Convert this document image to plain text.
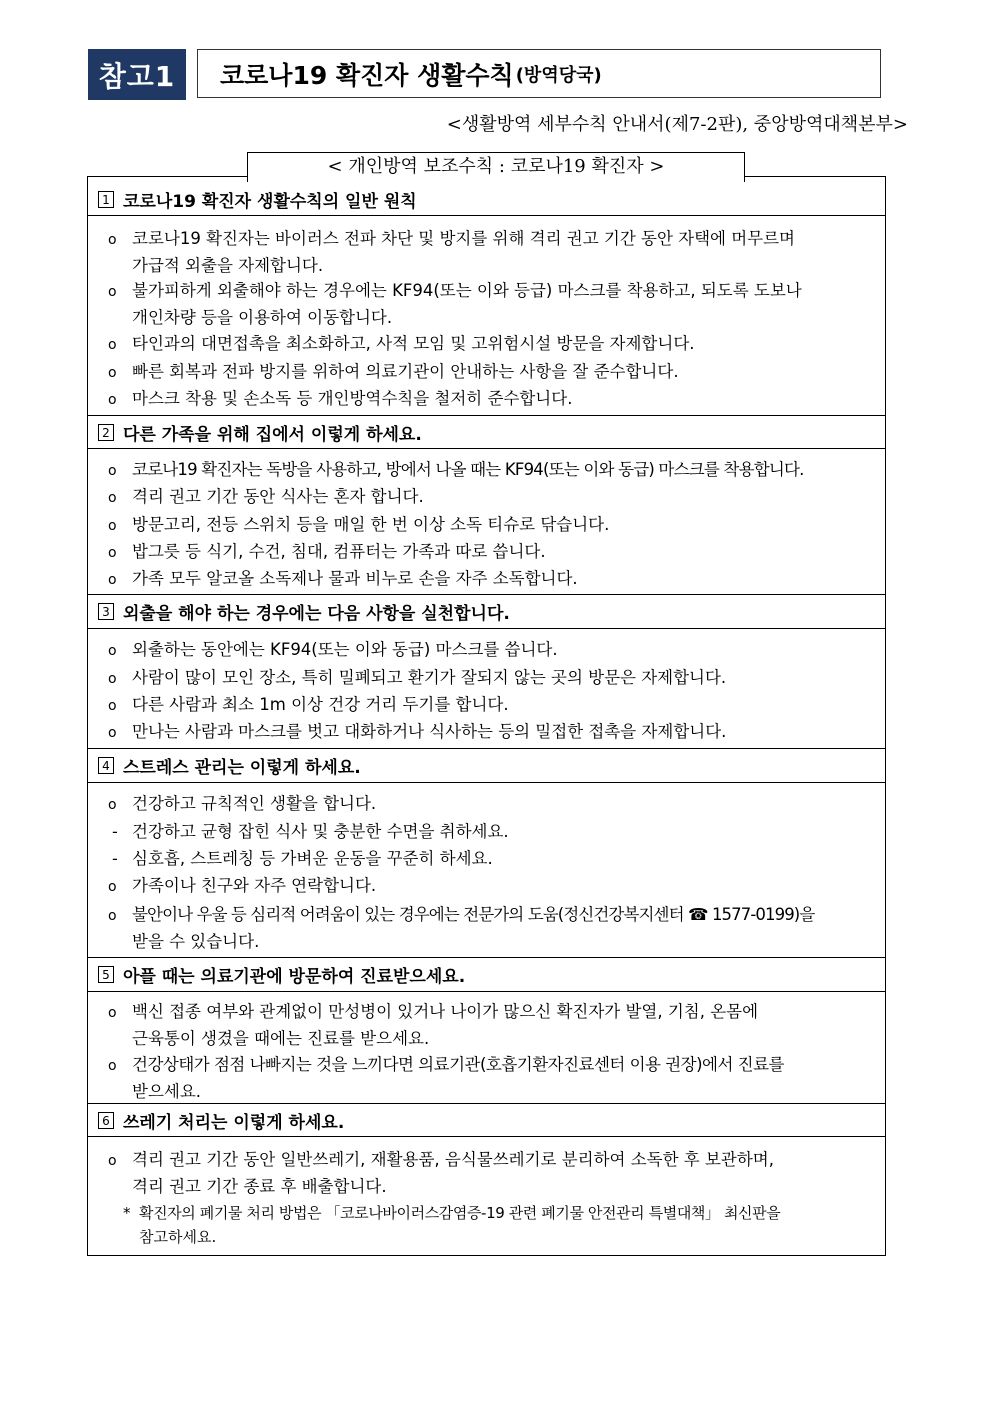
참고1	코로나19 확진자 생활수칙 (방역당국)
<생활방역 세부수칙 안내서(제7-2판), 중앙방역대책본부>
< 개인방역 보조수칙 : 코로나19 확진자 >
1 코로나19 확진자 생활수칙의 일반 원칙
o 코로나19 확진자는 바이러스 전파 차단 및 방지를 위해 격리 권고 기간 동안 자택에 머무르며
가급적 외출을 자제합니다.
o 불가피하게 외출해야 하는 경우에는 KF94(또는 이와 등급) 마스크를 착용하고, 되도록 도보나
개인차량 등을 이용하여 이동합니다.
o 타인과의 대면접촉을 최소화하고, 사적 모임 및 고위험시설 방문을 자제합니다.
o 빠른 회복과 전파 방지를 위하여 의료기관이 안내하는 사항을 잘 준수합니다.
o 마스크 착용 및 손소독 등 개인방역수칙을 철저히 준수합니다.
2 다른 가족을 위해 집에서 이렇게 하세요.
o 코로나19 확진자는 독방을 사용하고, 방에서 나올 때는 KF94(또는 이와 동급) 마스크를 착용합니다.
o 격리 권고 기간 동안 식사는 혼자 합니다.
o 방문고리, 전등 스위치 등을 매일 한 번 이상 소독 티슈로 닦습니다.
o 밥그릇 등 식기, 수건, 침대, 컴퓨터는 가족과 따로 씁니다.
o 가족 모두 알코올 소독제나 물과 비누로 손을 자주 소독합니다.
3 외출을 해야 하는 경우에는 다음 사항을 실천합니다.
o 외출하는 동안에는 KF94(또는 이와 동급) 마스크를 씁니다.
o 사람이 많이 모인 장소, 특히 밀폐되고 환기가 잘되지 않는 곳의 방문은 자제합니다.
o 다른 사람과 최소 1m 이상 건강 거리 두기를 합니다.
o 만나는 사람과 마스크를 벗고 대화하거나 식사하는 등의 밀접한 접촉을 자제합니다.
4 스트레스 관리는 이렇게 하세요.
o 건강하고 규칙적인 생활을 합니다.
- 건강하고 균형 잡힌 식사 및 충분한 수면을 취하세요.
- 심호흡, 스트레칭 등 가벼운 운동을 꾸준히 하세요.
o 가족이나 친구와 자주 연락합니다.
o 불안이나 우울 등 심리적 어려움이 있는 경우에는 전문가의 도움(정신건강복지센터 ☎ 1577-0199)을
받을 수 있습니다.
5 아플 때는 의료기관에 방문하여 진료받으세요.
o 백신 접종 여부와 관계없이 만성병이 있거나 나이가 많으신 확진자가 발열, 기침, 온몸에
근육통이 생겼을 때에는 진료를 받으세요.
o 건강상태가 점점 나빠지는 것을 느끼다면 의료기관(호흡기환자진료센터 이용 권장)에서 진료를
받으세요.
6 쓰레기 처리는 이렇게 하세요.
o 격리 권고 기간 동안 일반쓰레기, 재활용품, 음식물쓰레기로 분리하여 소독한 후 보관하며,
격리 권고 기간 종료 후 배출합니다.
* 확진자의 폐기물 처리 방법은 「코로나바이러스감염증-19 관련 폐기물 안전관리 특별대책」 최신판을
참고하세요.
